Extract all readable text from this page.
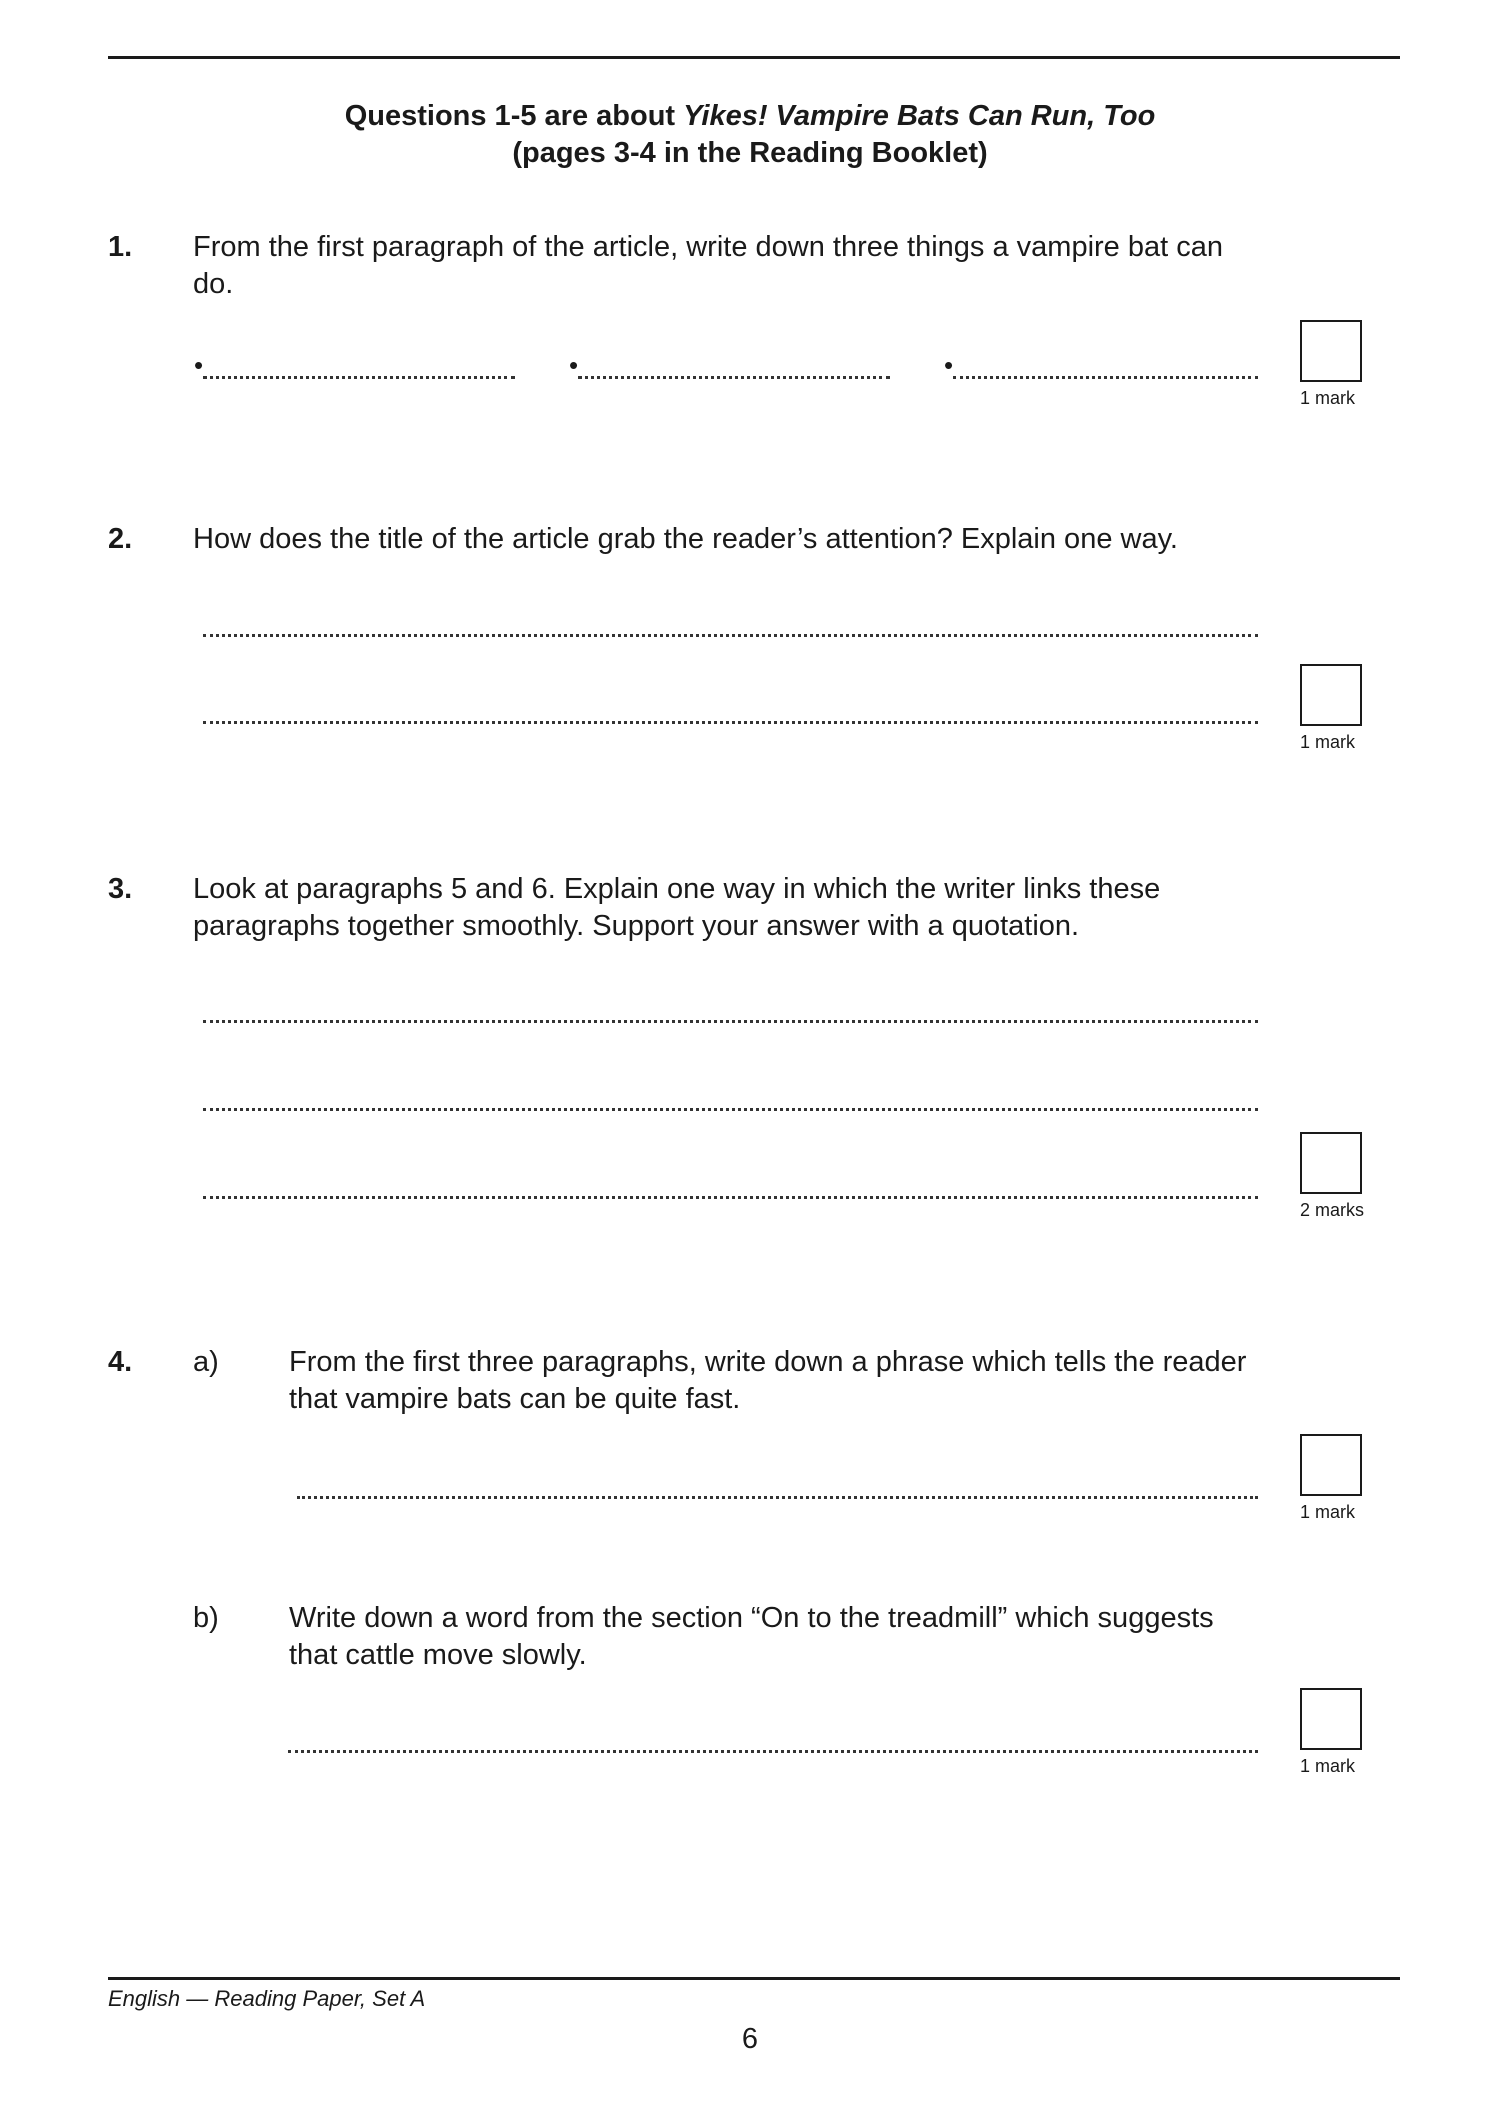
Questions 1-5 are about Yikes! Vampire Bats Can Run, Too
(pages 3-4 in the Reading Booklet)
1. From the first paragraph of the article, write down three things a vampire bat can do.
•	•	•
1 mark
2. How does the title of the article grab the reader’s attention? Explain one way.
1 mark
3. Look at paragraphs 5 and 6. Explain one way in which the writer links these paragraphs together smoothly. Support your answer with a quotation.
2 marks
4. a) From the first three paragraphs, write down a phrase which tells the reader that vampire bats can be quite fast.
1 mark
b) Write down a word from the section “On to the treadmill” which suggests that cattle move slowly.
1 mark
English — Reading Paper, Set A
6
